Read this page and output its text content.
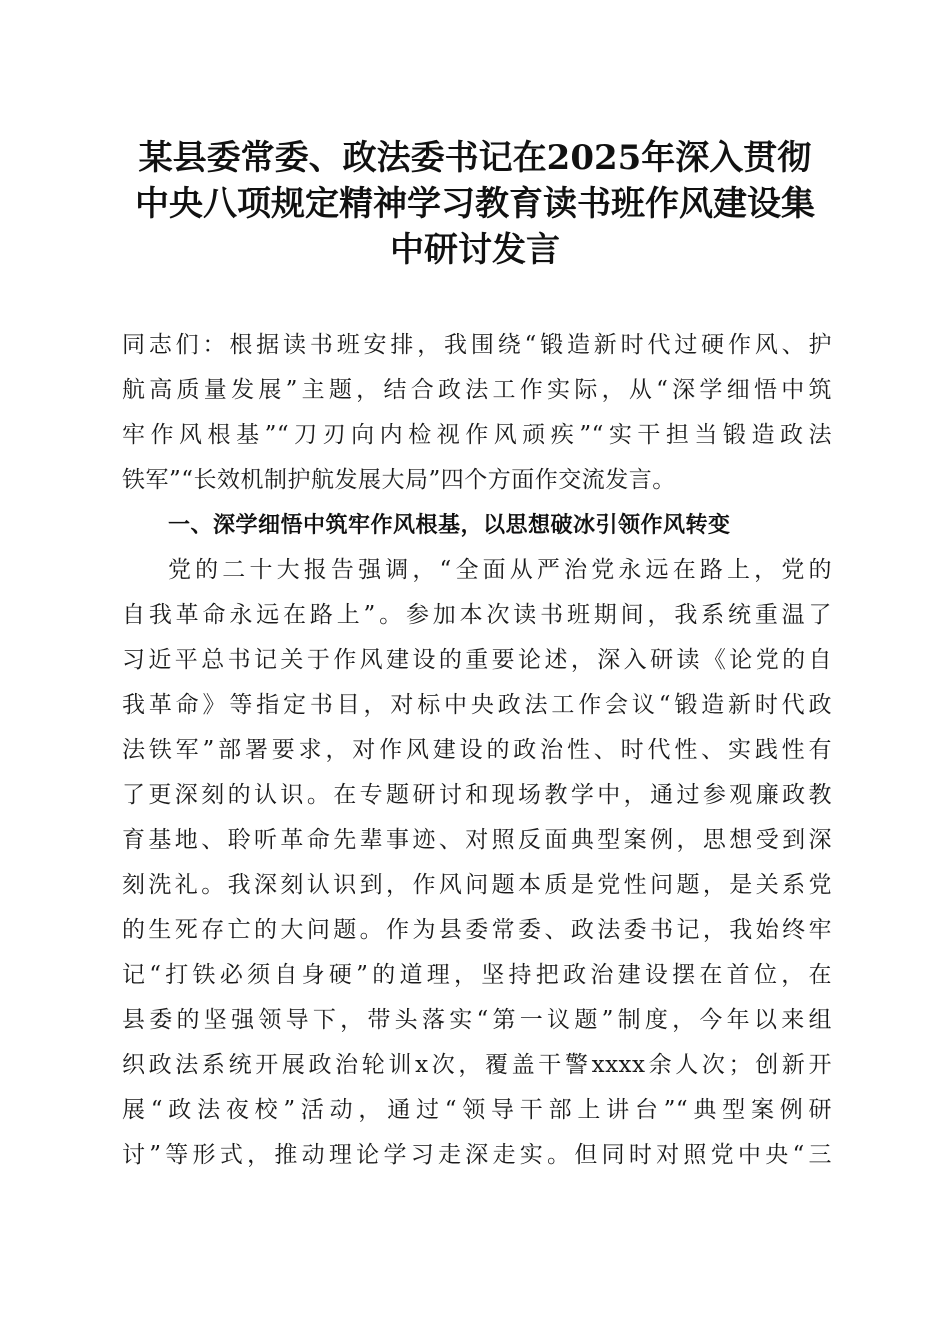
某县委常委、政法委书记在2025年深入贯彻
中央八项规定精神学习教育读书班作风建设集
中研讨发言
同志们：根据读书班安排，我围绕“锻造新时代过硬作风、护
航高质量发展”主题，结合政法工作实际，从“深学细悟中筑
牢作风根基”“刀刃向内检视作风顽疾”“实干担当锻造政法
铁军”“长效机制护航发展大局”四个方面作交流发言。
一、深学细悟中筑牢作风根基，以思想破冰引领作风转变
党的二十大报告强调，“全面从严治党永远在路上，党的
自我革命永远在路上”。参加本次读书班期间，我系统重温了
习近平总书记关于作风建设的重要论述，深入研读《论党的自
我革命》等指定书目，对标中央政法工作会议“锻造新时代政
法铁军”部署要求，对作风建设的政治性、时代性、实践性有
了更深刻的认识。在专题研讨和现场教学中，通过参观廉政教
育基地、聆听革命先辈事迹、对照反面典型案例，思想受到深
刻洗礼。我深刻认识到，作风问题本质是党性问题，是关系党
的生死存亡的大问题。作为县委常委、政法委书记，我始终牢
记“打铁必须自身硬”的道理，坚持把政治建设摆在首位，在
县委的坚强领导下，带头落实“第一议题”制度，今年以来组
织政法系统开展政治轮训x次，覆盖干警xxxx余人次；创新开
展“政法夜校”活动，通过“领导干部上讲台”“典型案例研
讨”等形式，推动理论学习走深走实。但同时对照党中央“三
